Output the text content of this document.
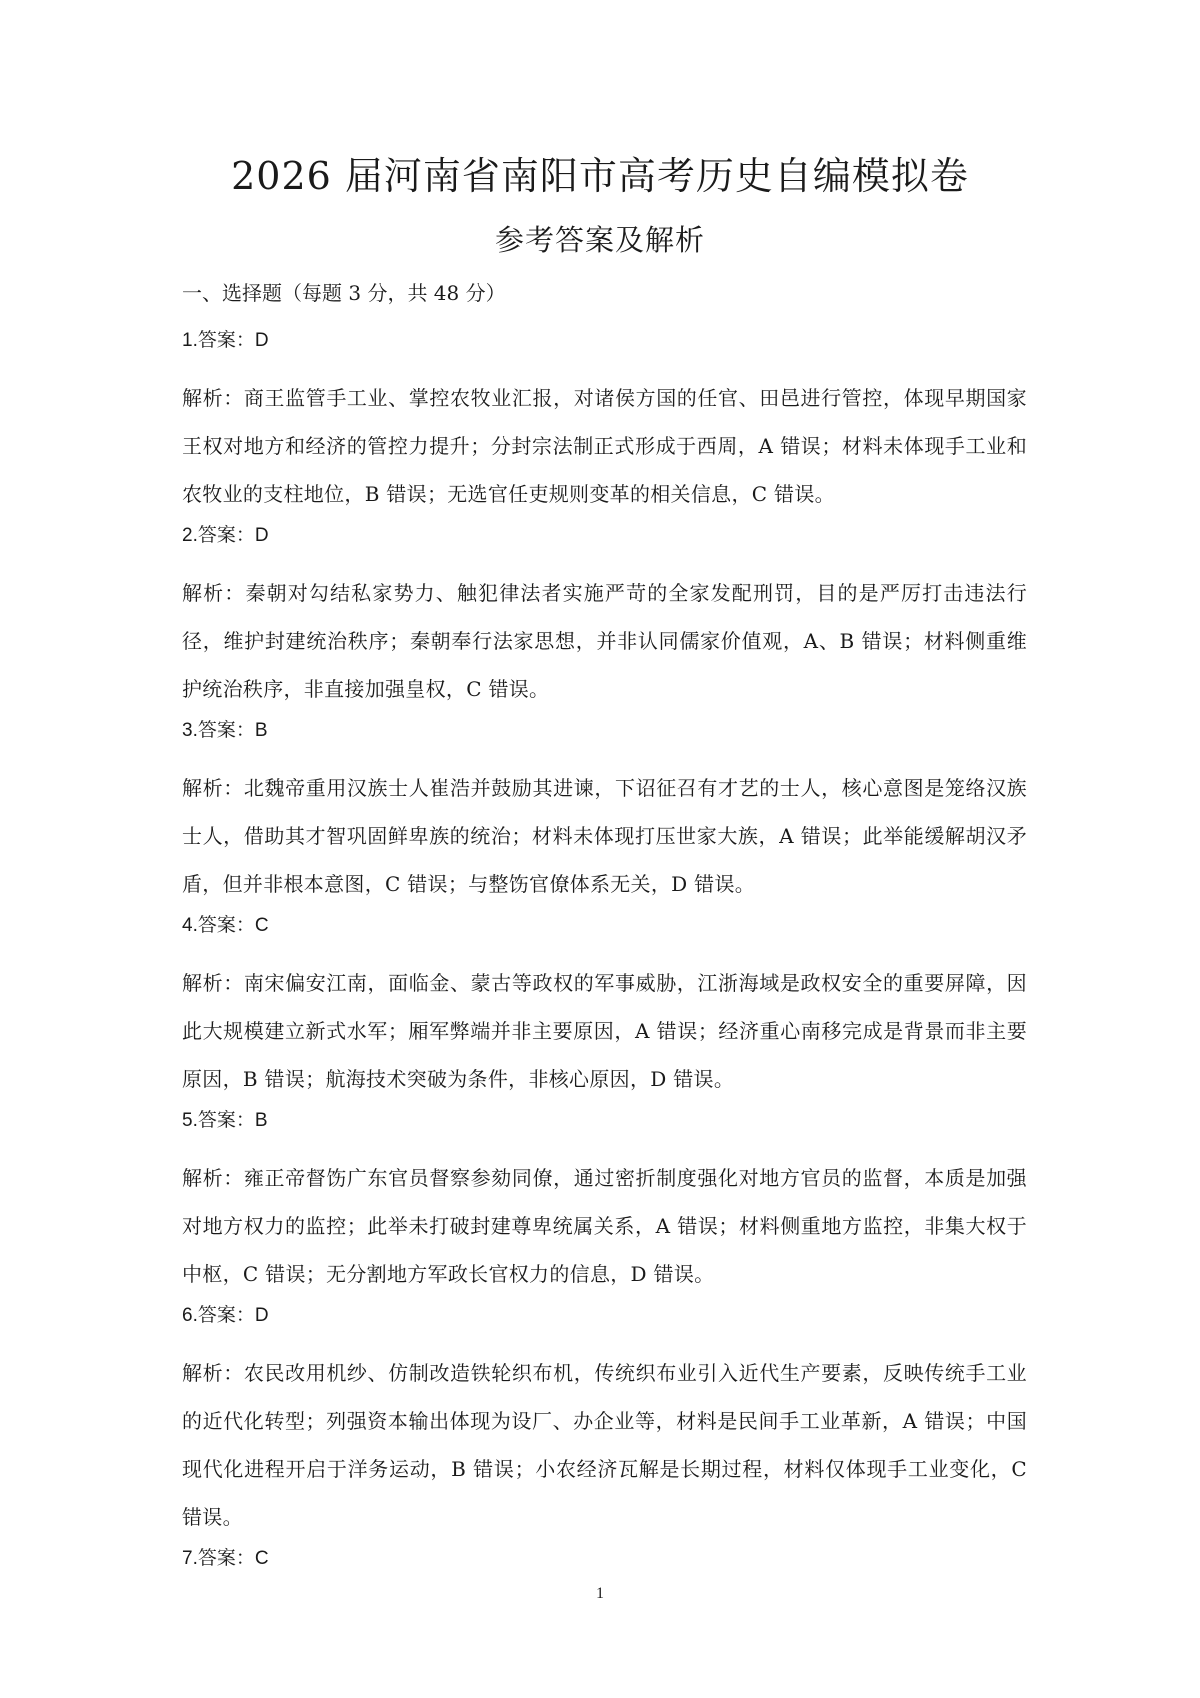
2026 届河南省南阳市高考历史自编模拟卷
参考答案及解析

一、选择题（每题 3 分，共 48 分）

1.答案：D

解析：商王监管手工业、掌控农牧业汇报，对诸侯方国的任官、田邑进行管控，体现早期国家王权对地方和经济的管控力提升；分封宗法制正式形成于西周，A 错误；材料未体现手工业和农牧业的支柱地位，B 错误；无选官任吏规则变革的相关信息，C 错误。

2.答案：D

解析：秦朝对勾结私家势力、触犯律法者实施严苛的全家发配刑罚，目的是严厉打击违法行径，维护封建统治秩序；秦朝奉行法家思想，并非认同儒家价值观，A、B 错误；材料侧重维护统治秩序，非直接加强皇权，C 错误。

3.答案：B

解析：北魏帝重用汉族士人崔浩并鼓励其进谏，下诏征召有才艺的士人，核心意图是笼络汉族士人，借助其才智巩固鲜卑族的统治；材料未体现打压世家大族，A 错误；此举能缓解胡汉矛盾，但并非根本意图，C 错误；与整饬官僚体系无关，D 错误。

4.答案：C

解析：南宋偏安江南，面临金、蒙古等政权的军事威胁，江浙海域是政权安全的重要屏障，因此大规模建立新式水军；厢军弊端并非主要原因，A 错误；经济重心南移完成是背景而非主要原因，B 错误；航海技术突破为条件，非核心原因，D 错误。

5.答案：B

解析：雍正帝督饬广东官员督察参劾同僚，通过密折制度强化对地方官员的监督，本质是加强对地方权力的监控；此举未打破封建尊卑统属关系，A 错误；材料侧重地方监控，非集大权于中枢，C 错误；无分割地方军政长官权力的信息，D 错误。

6.答案：D

解析：农民改用机纱、仿制改造铁轮织布机，传统织布业引入近代生产要素，反映传统手工业的近代化转型；列强资本输出体现为设厂、办企业等，材料是民间手工业革新，A 错误；中国现代化进程开启于洋务运动，B 错误；小农经济瓦解是长期过程，材料仅体现手工业变化，C 错误。

7.答案：C

1
